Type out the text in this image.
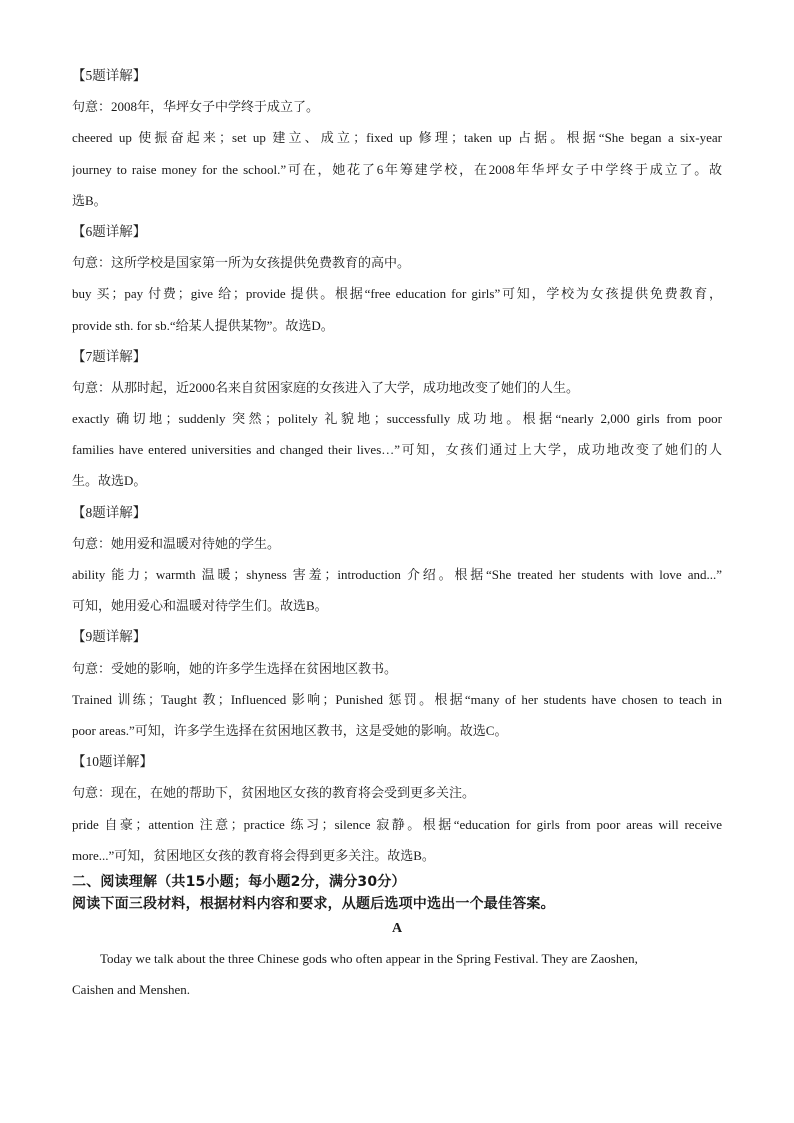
【5题详解】
句意：2008年，华坪女子中学终于成立了。
cheered up 使振奋起来；set up 建立、成立；fixed up 修理；taken up 占据。根据“She began a six-year
journey to raise money for the school.”可在，她花了6年筹建学校，在2008年华坪女子中学终于成立了。故
选B。
【6题详解】
句意：这所学校是国家第一所为女孩提供免费教育的高中。
buy 买；pay 付费；give 给；provide 提供。根据“free education for girls”可知，学校为女孩提供免费教育，
provide sth. for sb.“给某人提供某物”。故选D。
【7题详解】
句意：从那时起，近2000名来自贫困家庭的女孩进入了大学，成功地改变了她们的人生。
exactly 确切地；suddenly 突然；politely 礼貌地；successfully 成功地。根据“nearly 2,000 girls from poor
families have entered universities and changed their lives…”可知，女孩们通过上大学，成功地改变了她们的人
生。故选D。
【8题详解】
句意：她用爱和温暖对待她的学生。
ability 能力；warmth 温暖；shyness 害羞；introduction 介绍。根据“She treated her students with love and...”
可知，她用爱心和温暖对待学生们。故选B。
【9题详解】
句意：受她的影响，她的许多学生选择在贫困地区教书。
Trained 训练；Taught 教；Influenced 影响；Punished 惩罚。根据“many of her students have chosen to teach in
poor areas.”可知，许多学生选择在贫困地区教书，这是受她的影响。故选C。
【10题详解】
句意：现在，在她的帮助下，贫困地区女孩的教育将会受到更多关注。
pride 自豪；attention 注意；practice 练习；silence 寂静。根据“education for girls from poor areas will receive
more...”可知，贫困地区女孩的教育将会得到更多关注。故选B。
二、阅读理解（共15小题；每小题2分，满分30分）
阅读下面三段材料，根据材料内容和要求，从题后选项中选出一个最佳答案。
A
Today we talk about the three Chinese gods who often appear in the Spring Festival. They are Zaoshen,
Caishen and Menshen.
